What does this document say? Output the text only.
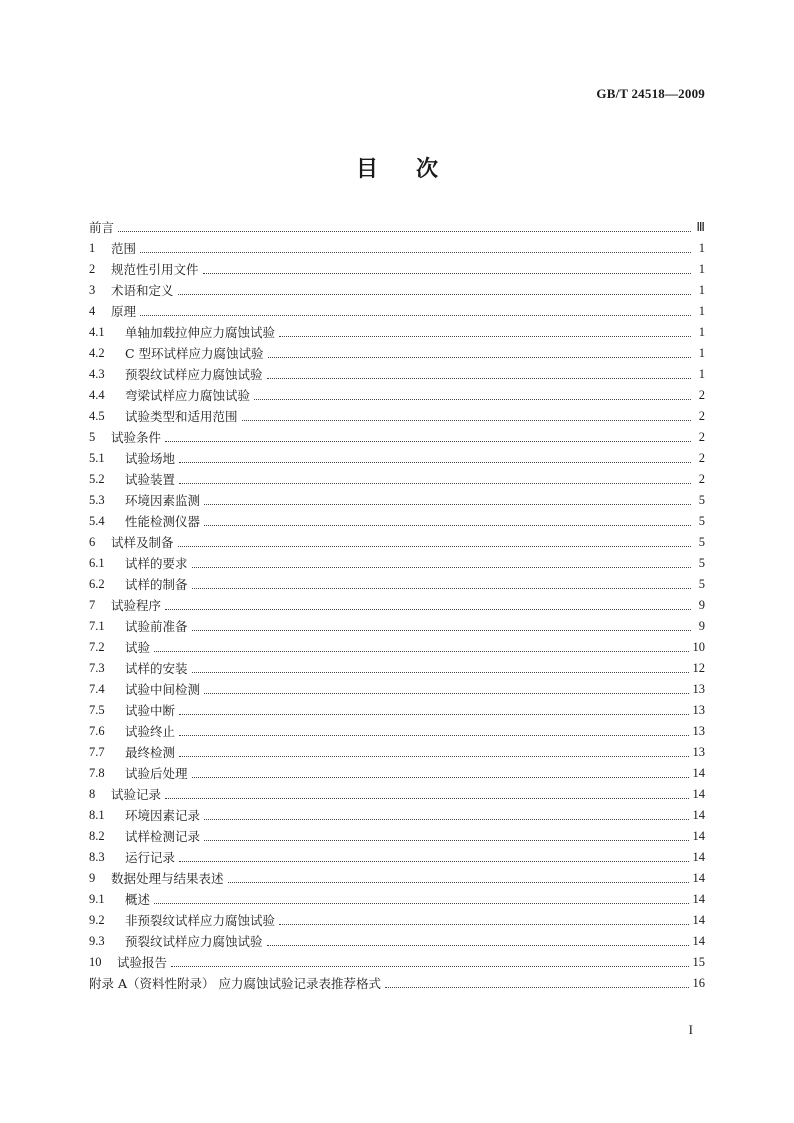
GB/T 24518—2009
目次
前言	Ⅲ
1	范围	1
2	规范性引用文件	1
3	术语和定义	1
4	原理	1
4.1	单轴加载拉伸应力腐蚀试验	1
4.2	C 型环试样应力腐蚀试验	1
4.3	预裂纹试样应力腐蚀试验	1
4.4	弯梁试样应力腐蚀试验	2
4.5	试验类型和适用范围	2
5	试验条件	2
5.1	试验场地	2
5.2	试验装置	2
5.3	环境因素监测	5
5.4	性能检测仪器	5
6	试样及制备	5
6.1	试样的要求	5
6.2	试样的制备	5
7	试验程序	9
7.1	试验前准备	9
7.2	试验	10
7.3	试样的安装	12
7.4	试验中间检测	13
7.5	试验中断	13
7.6	试验终止	13
7.7	最终检测	13
7.8	试验后处理	14
8	试验记录	14
8.1	环境因素记录	14
8.2	试样检测记录	14
8.3	运行记录	14
9	数据处理与结果表述	14
9.1	概述	14
9.2	非预裂纹试样应力腐蚀试验	14
9.3	预裂纹试样应力腐蚀试验	14
10	试验报告	15
附录 A（资料性附录） 应力腐蚀试验记录表推荐格式	16
I
